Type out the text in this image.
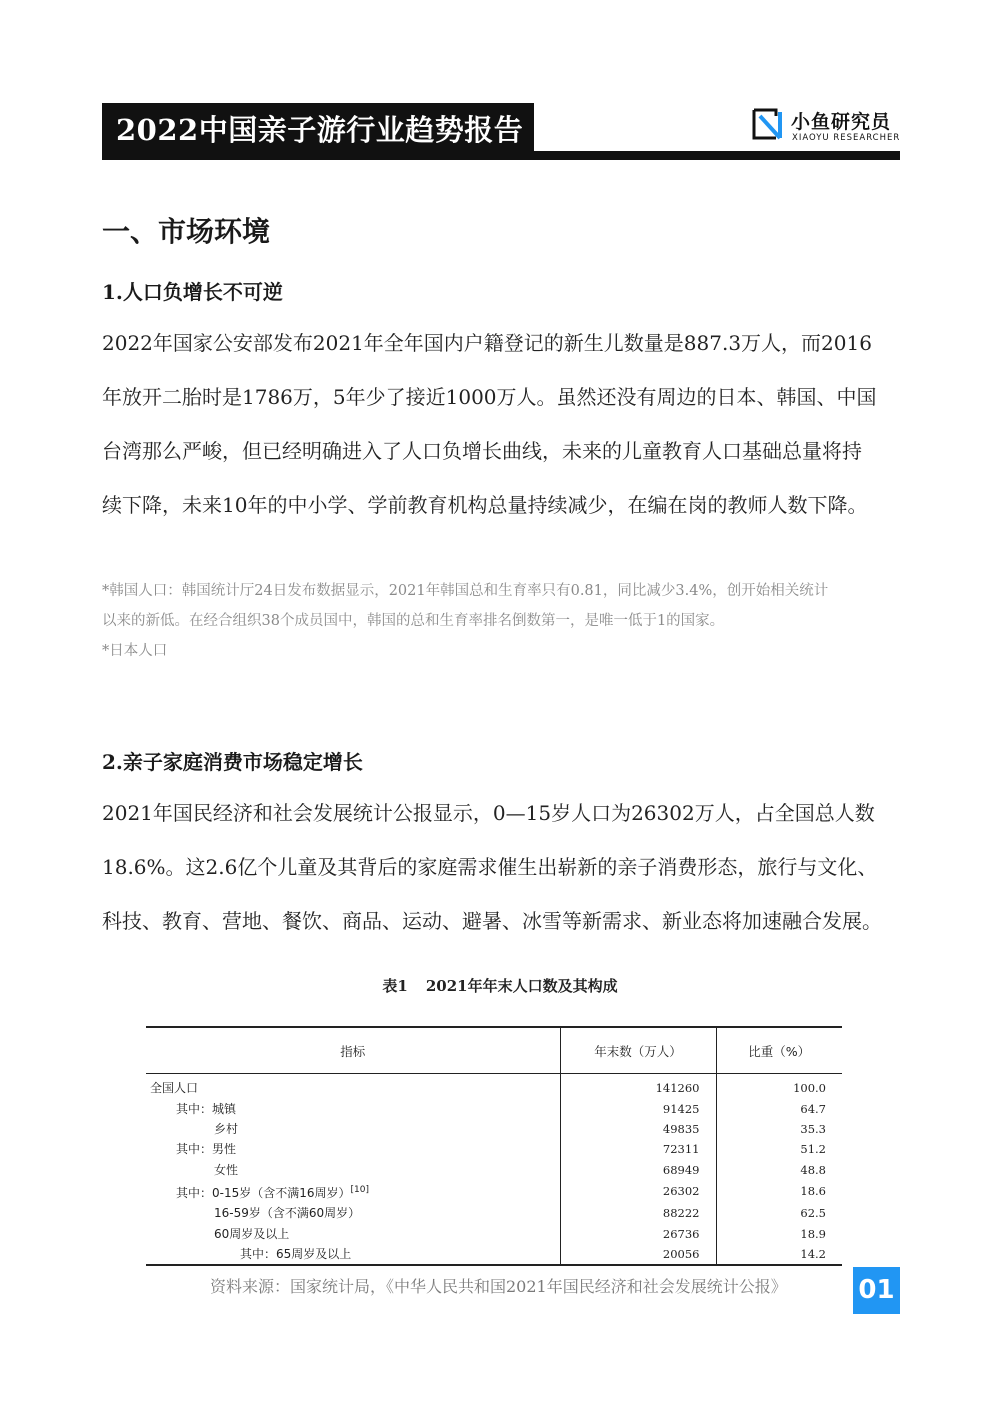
2022中国亲子游行业趋势报告	小鱼研究员
XIAOYU RESEARCHER
一、市场环境
1.人口负增长不可逆
2022年国家公安部发布2021年全年国内户籍登记的新生儿数量是887.3万人，而2016
年放开二胎时是1786万，5年少了接近1000万人。虽然还没有周边的日本、韩国、中国
台湾那么严峻，但已经明确进入了人口负增长曲线，未来的儿童教育人口基础总量将持
续下降，未来10年的中小学、学前教育机构总量持续减少，在编在岗的教师人数下降。
*韩国人口：韩国统计厅24日发布数据显示，2021年韩国总和生育率只有0.81，同比减少3.4%，创开始相关统计
以来的新低。在经合组织38个成员国中，韩国的总和生育率排名倒数第一，是唯一低于1的国家。
*日本人口
2.亲子家庭消费市场稳定增长
2021年国民经济和社会发展统计公报显示，0—15岁人口为26302万人，占全国总人数
18.6%。这2.6亿个儿童及其背后的家庭需求催生出崭新的亲子消费形态，旅行与文化、
科技、教育、营地、餐饮、商品、运动、避暑、冰雪等新需求、新业态将加速融合发展。
表1 2021年年末人口数及其构成
指标	年末数（万人）	比重（%）
全国人口	141260	100.0
其中：城镇	91425	64.7
乡村	49835	35.3
其中：男性	72311	51.2
女性	68949	48.8
其中：0-15岁（含不满16周岁）[10]	26302	18.6
16-59岁（含不满60周岁）	88222	62.5
60周岁及以上	26736	18.9
其中：65周岁及以上	20056	14.2
资料来源：国家统计局，《中华人民共和国2021年国民经济和社会发展统计公报》	01
